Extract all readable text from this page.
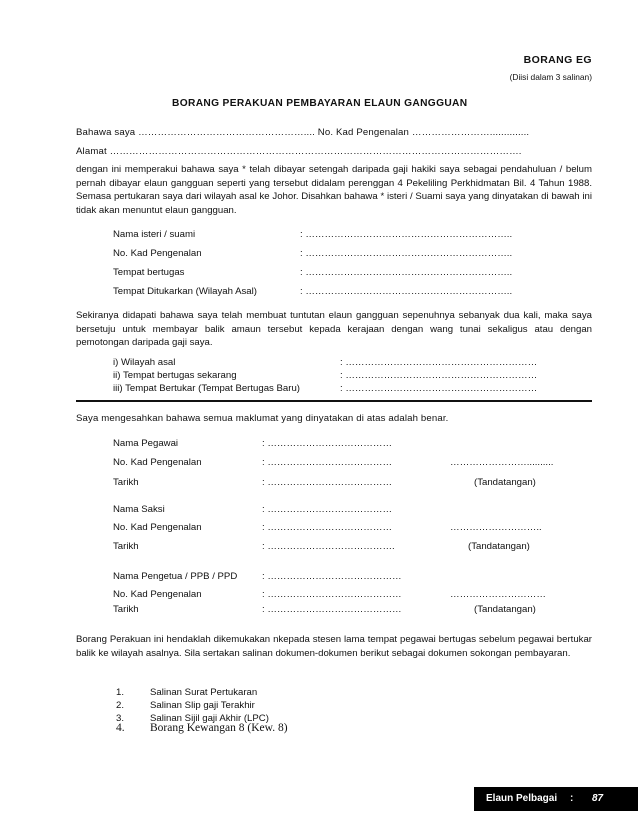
BORANG EG
(Diisi dalam 3 salinan)
BORANG PERAKUAN PEMBAYARAN ELAUN GANGGUAN
Bahawa saya …………………………………………….... No. Kad Pengenalan ……………………..............
Alamat ……………………………………………………………………………………………………………….
dengan ini memperakui bahawa saya * telah dibayar setengah daripada gaji hakiki saya sebagai pendahuluan / belum pernah dibayar elaun gangguan seperti yang tersebut didalam perenggan 4 Pekeliling Perkhidmatan Bil. 4 Tahun 1988. Semasa pertukaran saya dari wilayah asal ke Johor. Disahkan bahawa * isteri / Suami saya yang dinyatakan di bawah ini tidak akan menuntut elaun gangguan.
Nama isteri / suami	: ………………………………………………………..
No. Kad Pengenalan	: ………………………………………………………..
Tempat bertugas	: ………………………………………………………..
Tempat Ditukarkan (Wilayah Asal)	: ………………………………………………………..
Sekiranya didapati bahawa saya telah membuat tuntutan elaun gangguan sepenuhnya sebanyak dua kali, maka saya bersetuju untuk membayar balik amaun tersebut kepada kerajaan dengan wang tunai sekaligus atau dengan pemotongan daripada gaji saya.
i) Wilayah asal	: ……………………………………………………
ii) Tempat bertugas sekarang	: ……………………………………………………
iii) Tempat Bertukar (Tempat Bertugas Baru)	: ……………………………………………………
Saya mengesahkan bahawa semua maklumat yang dinyatakan di atas adalah benar.
Nama Pegawai	: …………………………………
No. Kad Pengenalan	: …………………………………	……………………..........
Tarikh	: …………………………………	(Tandatangan)
Nama Saksi	: …………………………………
No. Kad Pengenalan	: …………………………………	………………………..
Tarikh	: ………………………………….	(Tandatangan)
Nama Pengetua / PPB / PPD	: ……………………………………
No. Kad Pengenalan	: ……………………………………	…………………………
Tarikh	: ……………………………………	(Tandatangan)
Borang Perakuan ini hendaklah dikemukakan nkepada stesen lama tempat pegawai bertugas sebelum pegawai bertukar balik ke wilayah asalnya. Sila sertakan salinan dokumen-dokumen berikut sebagai dokumen sokongan pembayaran.
1.	Salinan Surat Pertukaran
2.	Salinan Slip gaji Terakhir
3.	Salinan Sijil gaji Akhir (LPC)
4. Borang Kewangan 8 (Kew. 8)
Elaun Pelbagai : 87
